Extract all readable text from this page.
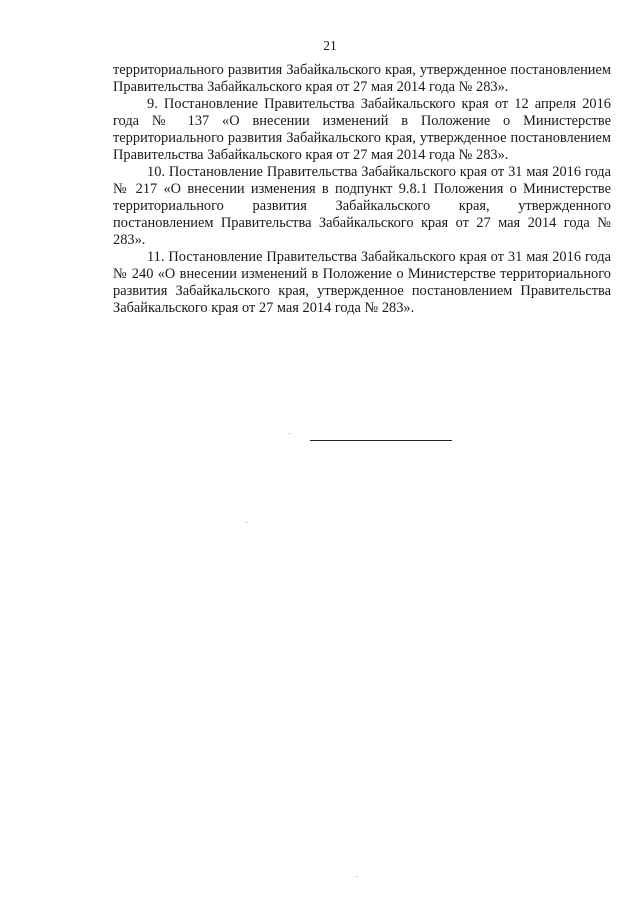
21

территориального развития Забайкальского края, утвержденное постановлением Правительства Забайкальского края от 27 мая 2014 года № 283».

9. Постановление Правительства Забайкальского края от 12 апреля 2016 года № 137 «О внесении изменений в Положение о Министерстве территориального развития Забайкальского края, утвержденное постановлением Правительства Забайкальского края от 27 мая 2014 года № 283».

10. Постановление Правительства Забайкальского края от 31 мая 2016 года № 217 «О внесении изменения в подпункт 9.8.1 Положения о Министерстве территориального развития Забайкальского края, утвержденного постановлением Правительства Забайкальского края от 27 мая 2014 года № 283».

11. Постановление Правительства Забайкальского края от 31 мая 2016 года № 240 «О внесении изменений в Положение о Министерстве территориального развития Забайкальского края, утвержденное постановлением Правительства Забайкальского края от 27 мая 2014 года № 283».
